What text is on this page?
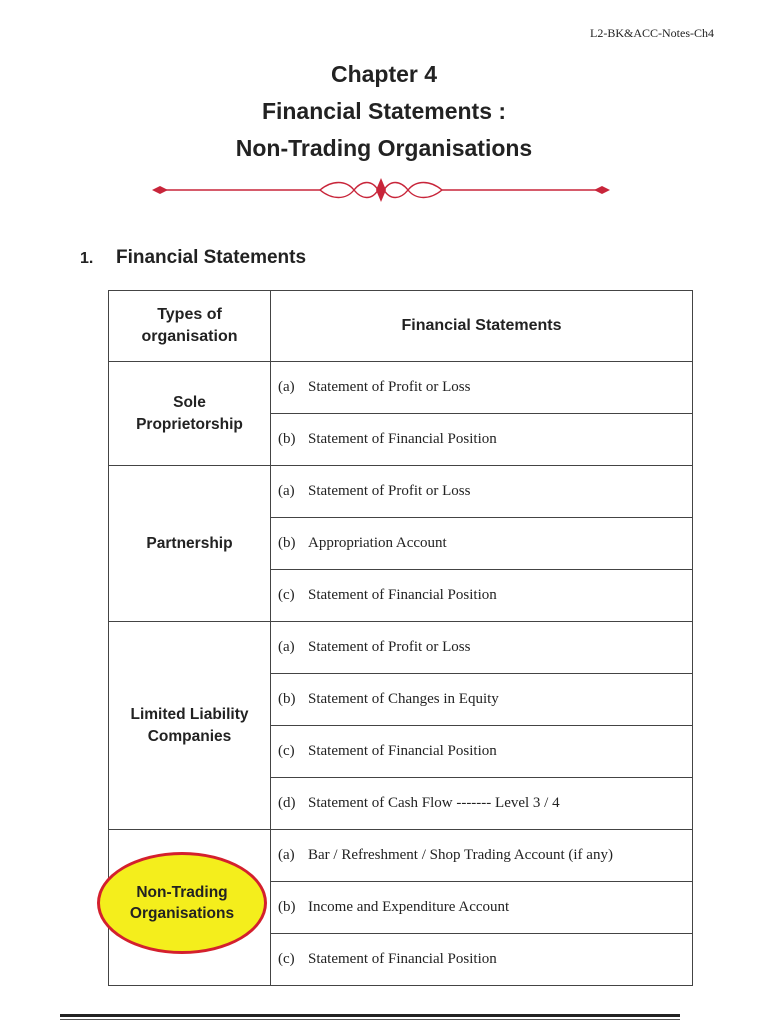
L2-BK&ACC-Notes-Ch4
Chapter 4
Financial Statements :
Non-Trading Organisations
1. Financial Statements
Types of organisation	Financial Statements

Sole Proprietorship	(a) Statement of Profit or Loss
	(b) Statement of Financial Position

Partnership	(a) Statement of Profit or Loss
	(b) Appropriation Account
	(c) Statement of Financial Position

Limited Liability Companies	(a) Statement of Profit or Loss
	(b) Statement of Changes in Equity
	(c) Statement of Financial Position
	(d) Statement of Cash Flow ------- Level 3 / 4

Non-Trading Organisations	(a) Bar / Refreshment / Shop Trading Account (if any)
	(b) Income and Expenditure Account
	(c) Statement of Financial Position
